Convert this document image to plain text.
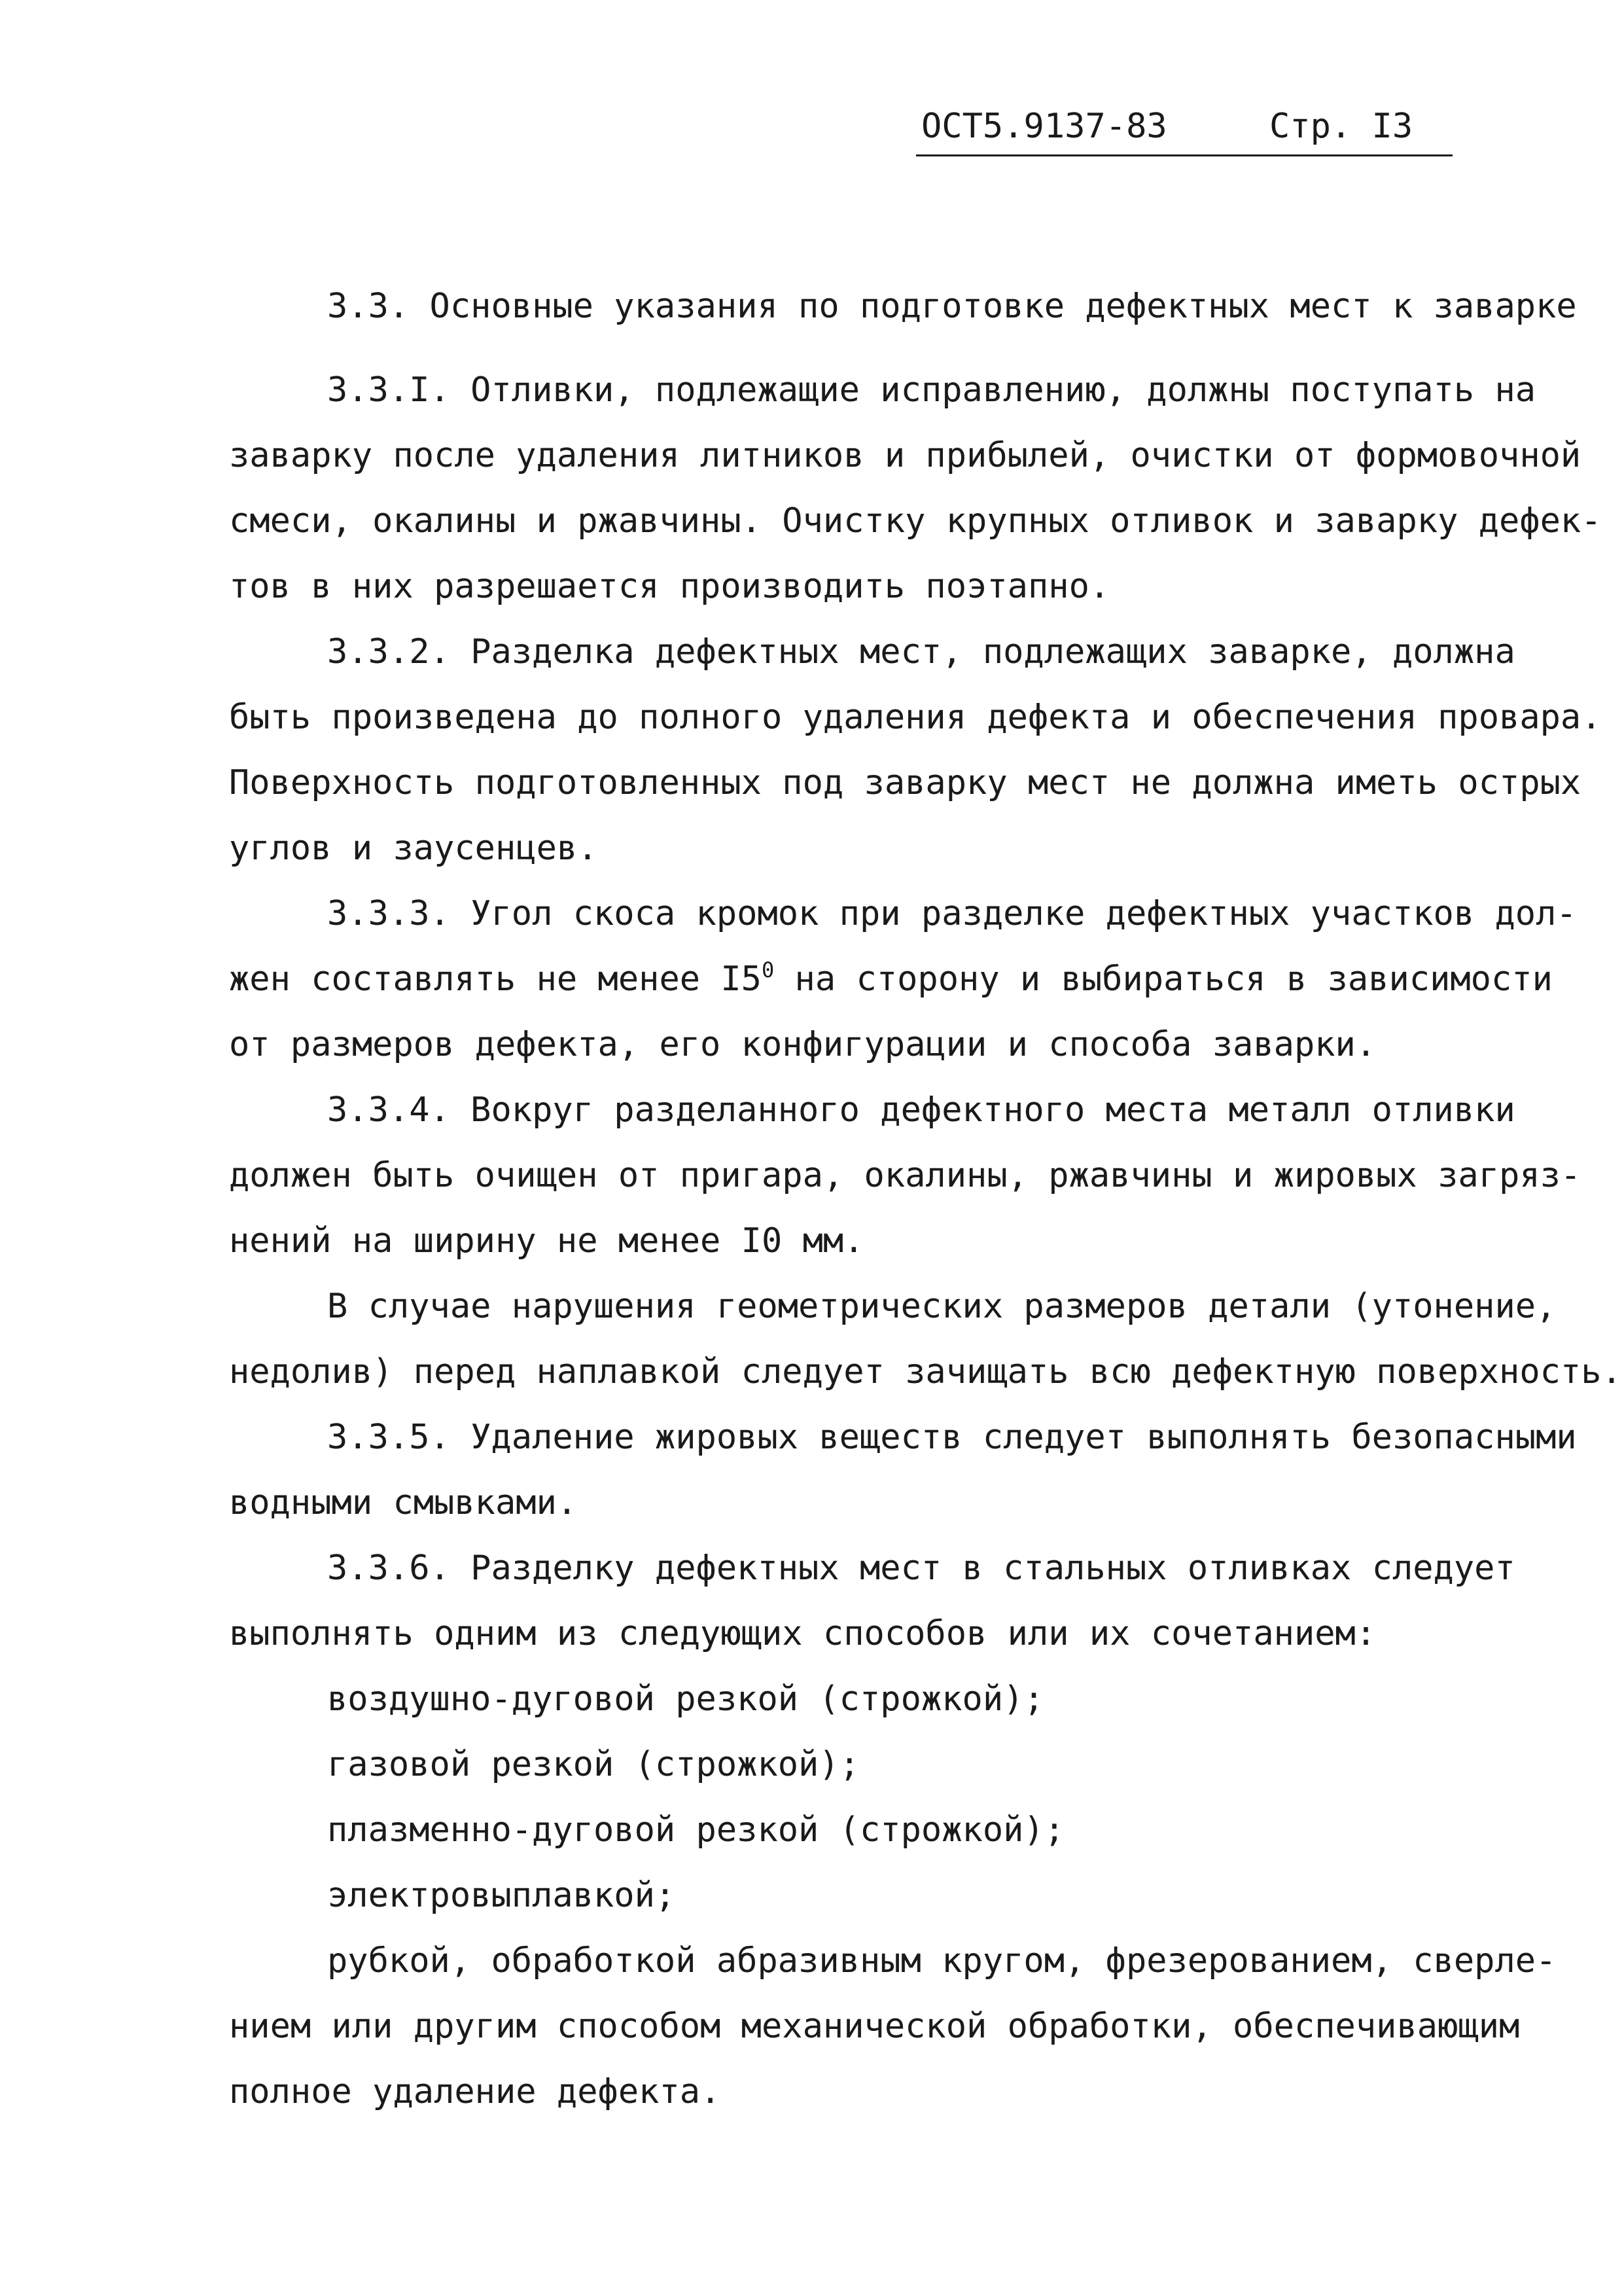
ОСТ5.9137-83	Стр. I3
3.3. Основные указания по подготовке дефектных мест к заварке
3.3.I. Отливки, подлежащие исправлению, должны поступать на
заварку после удаления литников и прибылей, очистки от формовочной
смеси, окалины и ржавчины. Очистку крупных отливок и заварку дефек-
тов в них разрешается производить поэтапно.
3.3.2. Разделка дефектных мест, подлежащих заварке, должна
быть произведена до полного удаления дефекта и обеспечения провара.
Поверхность подготовленных под заварку мест не должна иметь острых
углов и заусенцев.
3.3.3. Угол скоса кромок при разделке дефектных участков дол-
жен составлять не менее $I5^0$ на сторону и выбираться в зависимости
от размеров дефекта, его конфигурации и способа заварки.
3.3.4. Вокруг разделанного дефектного места металл отливки
должен быть очищен от пригара, окалины, ржавчины и жировых загряз-
нений на ширину не менее I0 мм.
В случае нарушения геометрических размеров детали (утонение,
недолив) перед наплавкой следует зачищать всю дефектную поверхность.
3.3.5. Удаление жировых веществ следует выполнять безопасными
водными смывками.
3.3.6. Разделку дефектных мест в стальных отливках следует
выполнять одним из следующих способов или их сочетанием:
воздушно-дуговой резкой (строжкой);
газовой резкой (строжкой);
плазменно-дуговой резкой (строжкой);
электровыплавкой;
рубкой, обработкой абразивным кругом, фрезерованием, сверле-
нием или другим способом механической обработки, обеспечивающим
полное удаление дефекта.
